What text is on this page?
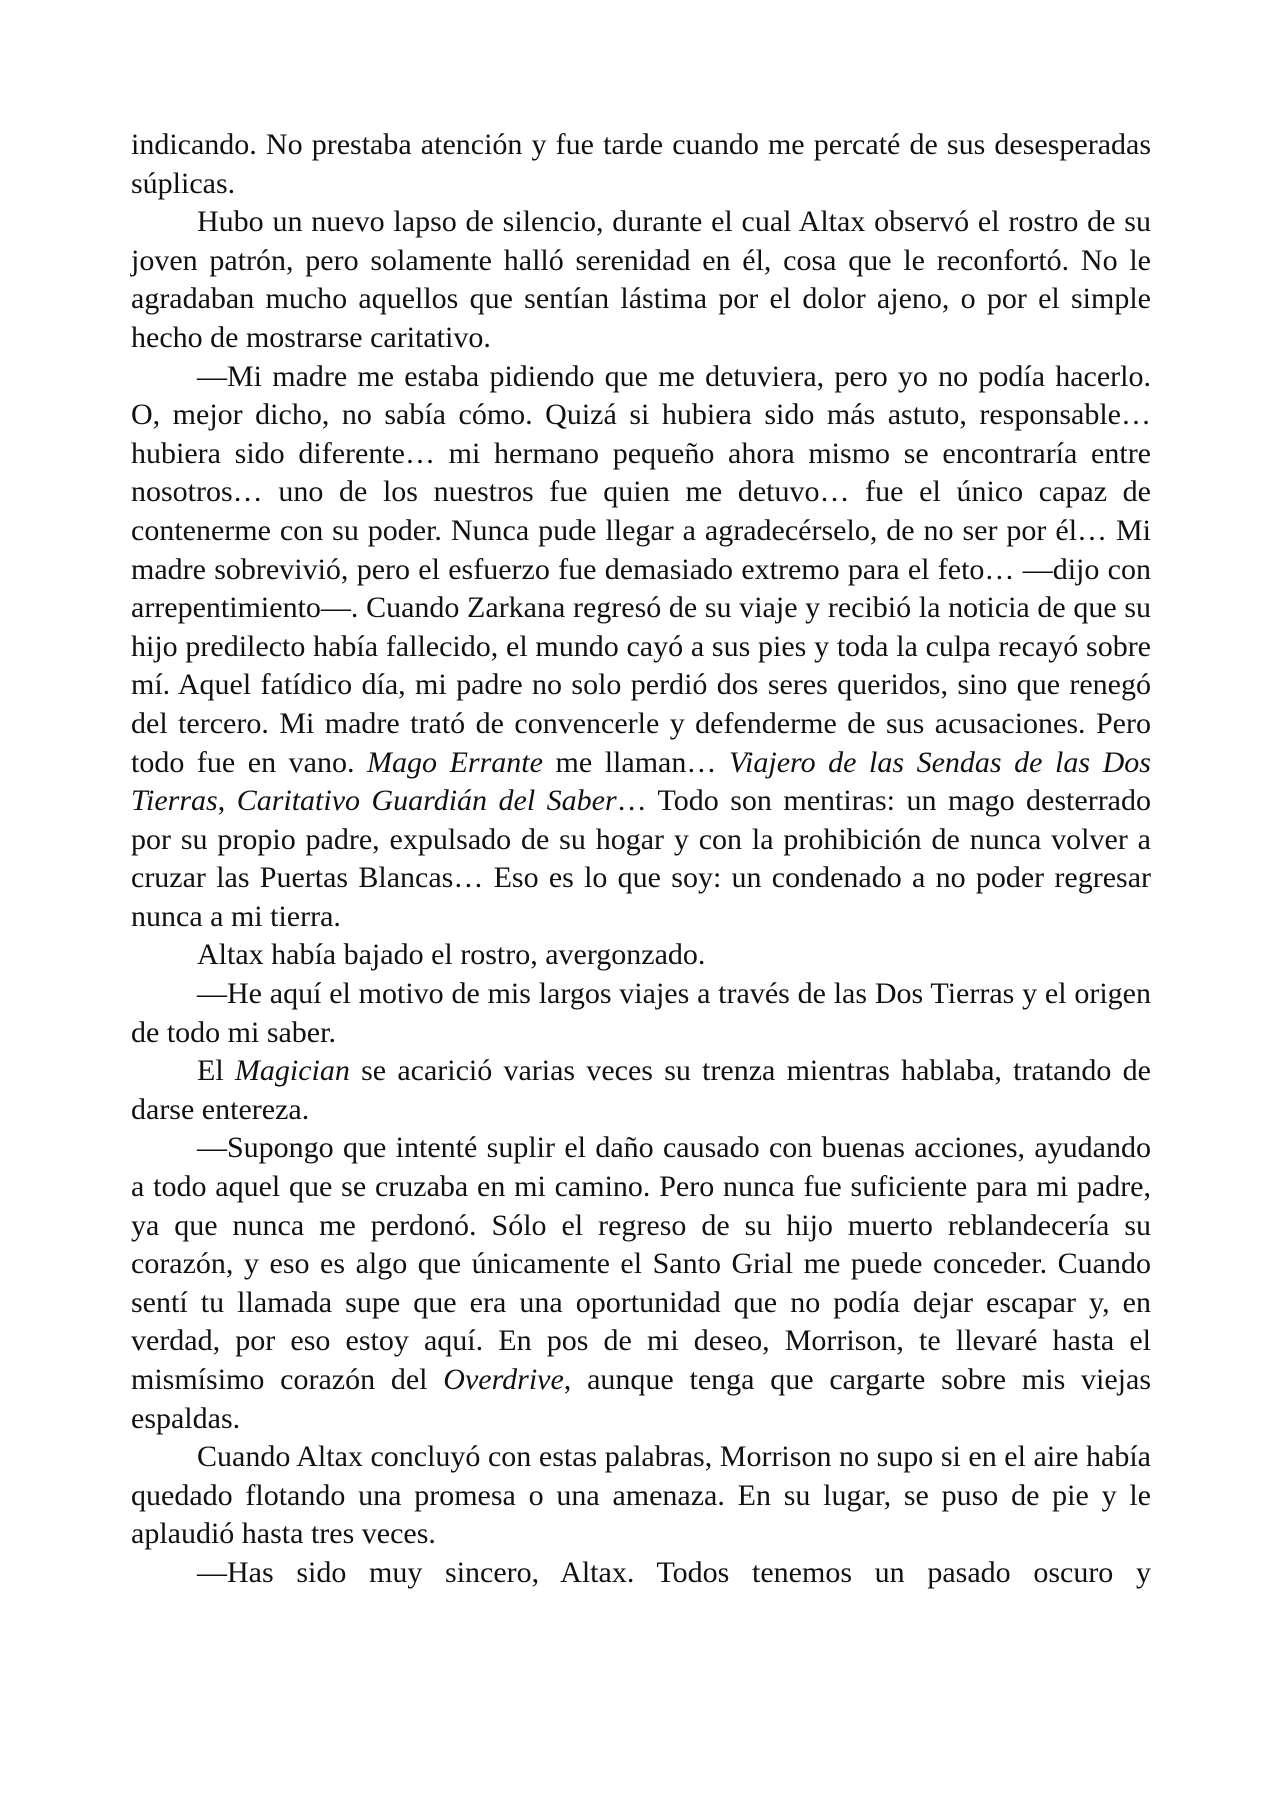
indicando. No prestaba atención y fue tarde cuando me percaté de sus desesperadas súplicas.

Hubo un nuevo lapso de silencio, durante el cual Altax observó el rostro de su joven patrón, pero solamente halló serenidad en él, cosa que le reconfortó. No le agradaban mucho aquellos que sentían lástima por el dolor ajeno, o por el simple hecho de mostrarse caritativo.

—Mi madre me estaba pidiendo que me detuviera, pero yo no podía hacerlo. O, mejor dicho, no sabía cómo. Quizá si hubiera sido más astuto, responsable… hubiera sido diferente… mi hermano pequeño ahora mismo se encontraría entre nosotros… uno de los nuestros fue quien me detuvo… fue el único capaz de contenerme con su poder. Nunca pude llegar a agradecérselo, de no ser por él… Mi madre sobrevivió, pero el esfuerzo fue demasiado extremo para el feto… —dijo con arrepentimiento—. Cuando Zarkana regresó de su viaje y recibió la noticia de que su hijo predilecto había fallecido, el mundo cayó a sus pies y toda la culpa recayó sobre mí. Aquel fatídico día, mi padre no solo perdió dos seres queridos, sino que renegó del tercero. Mi madre trató de convencerle y defenderme de sus acusaciones. Pero todo fue en vano. Mago Errante me llaman… Viajero de las Sendas de las Dos Tierras, Caritativo Guardián del Saber… Todo son mentiras: un mago desterrado por su propio padre, expulsado de su hogar y con la prohibición de nunca volver a cruzar las Puertas Blancas… Eso es lo que soy: un condenado a no poder regresar nunca a mi tierra.

Altax había bajado el rostro, avergonzado.

—He aquí el motivo de mis largos viajes a través de las Dos Tierras y el origen de todo mi saber.

El Magician se acarició varias veces su trenza mientras hablaba, tratando de darse entereza.

—Supongo que intenté suplir el daño causado con buenas acciones, ayudando a todo aquel que se cruzaba en mi camino. Pero nunca fue suficiente para mi padre, ya que nunca me perdonó. Sólo el regreso de su hijo muerto reblandecería su corazón, y eso es algo que únicamente el Santo Grial me puede conceder. Cuando sentí tu llamada supe que era una oportunidad que no podía dejar escapar y, en verdad, por eso estoy aquí. En pos de mi deseo, Morrison, te llevaré hasta el mismísimo corazón del Overdrive, aunque tenga que cargarte sobre mis viejas espaldas.

Cuando Altax concluyó con estas palabras, Morrison no supo si en el aire había quedado flotando una promesa o una amenaza. En su lugar, se puso de pie y le aplaudió hasta tres veces.

—Has sido muy sincero, Altax. Todos tenemos un pasado oscuro y
